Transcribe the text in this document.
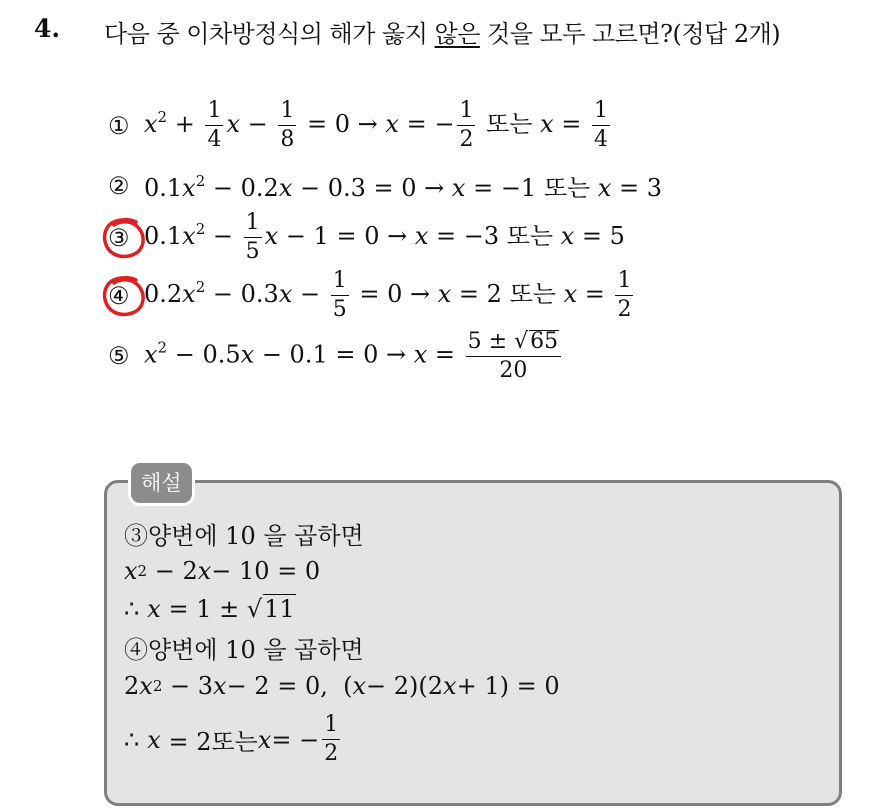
4. 다음 중 이차방정식의 해가 옳지 않은 것을 모두 고르면?(정답 2개)
① $x^2 + \frac{1}{4}$ $x - \frac{1}{8} = 0 \to x$ = − $\frac{1}{2}$ 또는 $x = \frac{1}{4}$
② $0.1x^2 - 0.2x - 0.3 = 0 \to x = -1$ 또는 x = 3
③ $0.1x^2 - \frac{1}{5}$ x − 1 = 0 → x = −3 또는 x = 5
④ $0.2x^2 - 0.3x - \frac{1}{5} = 0 \to x = 2$ 또는 $x = \frac{1}{2}$
⑤ $x^2 - 0.5x - 0.1 = 0 \to x = \frac{5 \pm √65}{20}$
해설
③양변에 10 을 곱하면
x 2 − 2 x − 10 = 0
∴ x = 1 ± √ 11
④양변에 10 을 곱하면
2 x 2 − 3 x − 2 = 0,  ( x − 2)(2 x + 1) = 0
∴ x = 2또는 x = − $\frac{1}{2}$
